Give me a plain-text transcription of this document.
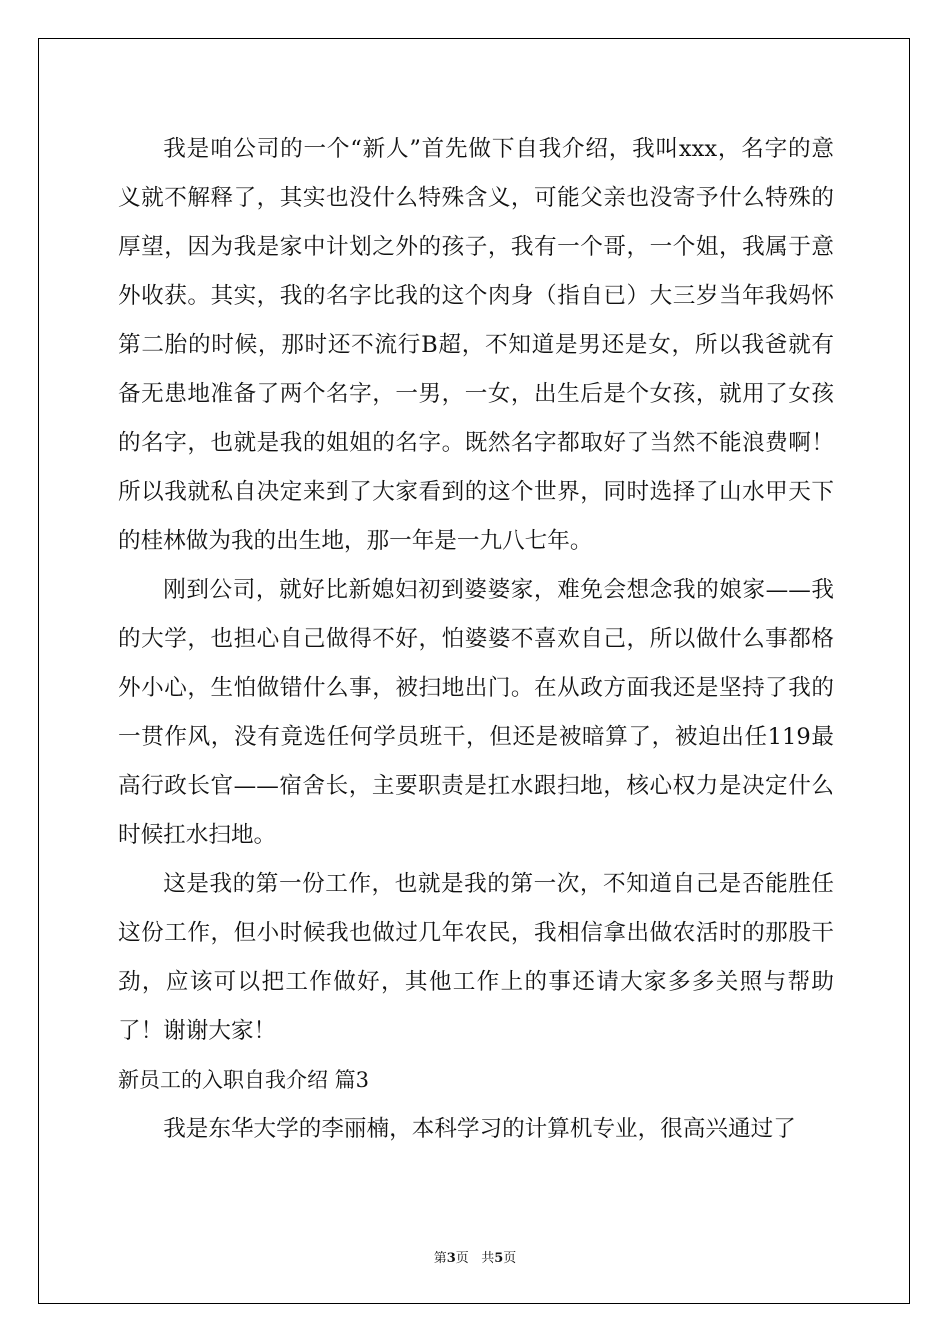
我是咱公司的一个“新人”首先做下自我介绍，我叫xxx，名字的意义就不解释了，其实也没什么特殊含义，可能父亲也没寄予什么特殊的厚望，因为我是家中计划之外的孩子，我有一个哥，一个姐，我属于意外收获。其实，我的名字比我的这个肉身（指自已）大三岁当年我妈怀第二胎的时候，那时还不流行B超，不知道是男还是女，所以我爸就有备无患地准备了两个名字，一男，一女，出生后是个女孩，就用了女孩的名字，也就是我的姐姐的名字。既然名字都取好了当然不能浪费啊！所以我就私自决定来到了大家看到的这个世界，同时选择了山水甲天下的桂林做为我的出生地，那一年是一九八七年。

刚到公司，就好比新媳妇初到婆婆家，难免会想念我的娘家——我的大学，也担心自己做得不好，怕婆婆不喜欢自己，所以做什么事都格外小心，生怕做错什么事，被扫地出门。在从政方面我还是坚持了我的一贯作风，没有竟选任何学员班干，但还是被暗算了，被迫出任119最高行政长官——宿舍长，主要职责是扛水跟扫地，核心权力是决定什么时候扛水扫地。

这是我的第一份工作，也就是我的第一次，不知道自己是否能胜任这份工作，但小时候我也做过几年农民，我相信拿出做农活时的那股干劲，应该可以把工作做好，其他工作上的事还请大家多多关照与帮助了！谢谢大家！

新员工的入职自我介绍 篇3

我是东华大学的李丽楠，本科学习的计算机专业，很高兴通过了

第3页   共5页
